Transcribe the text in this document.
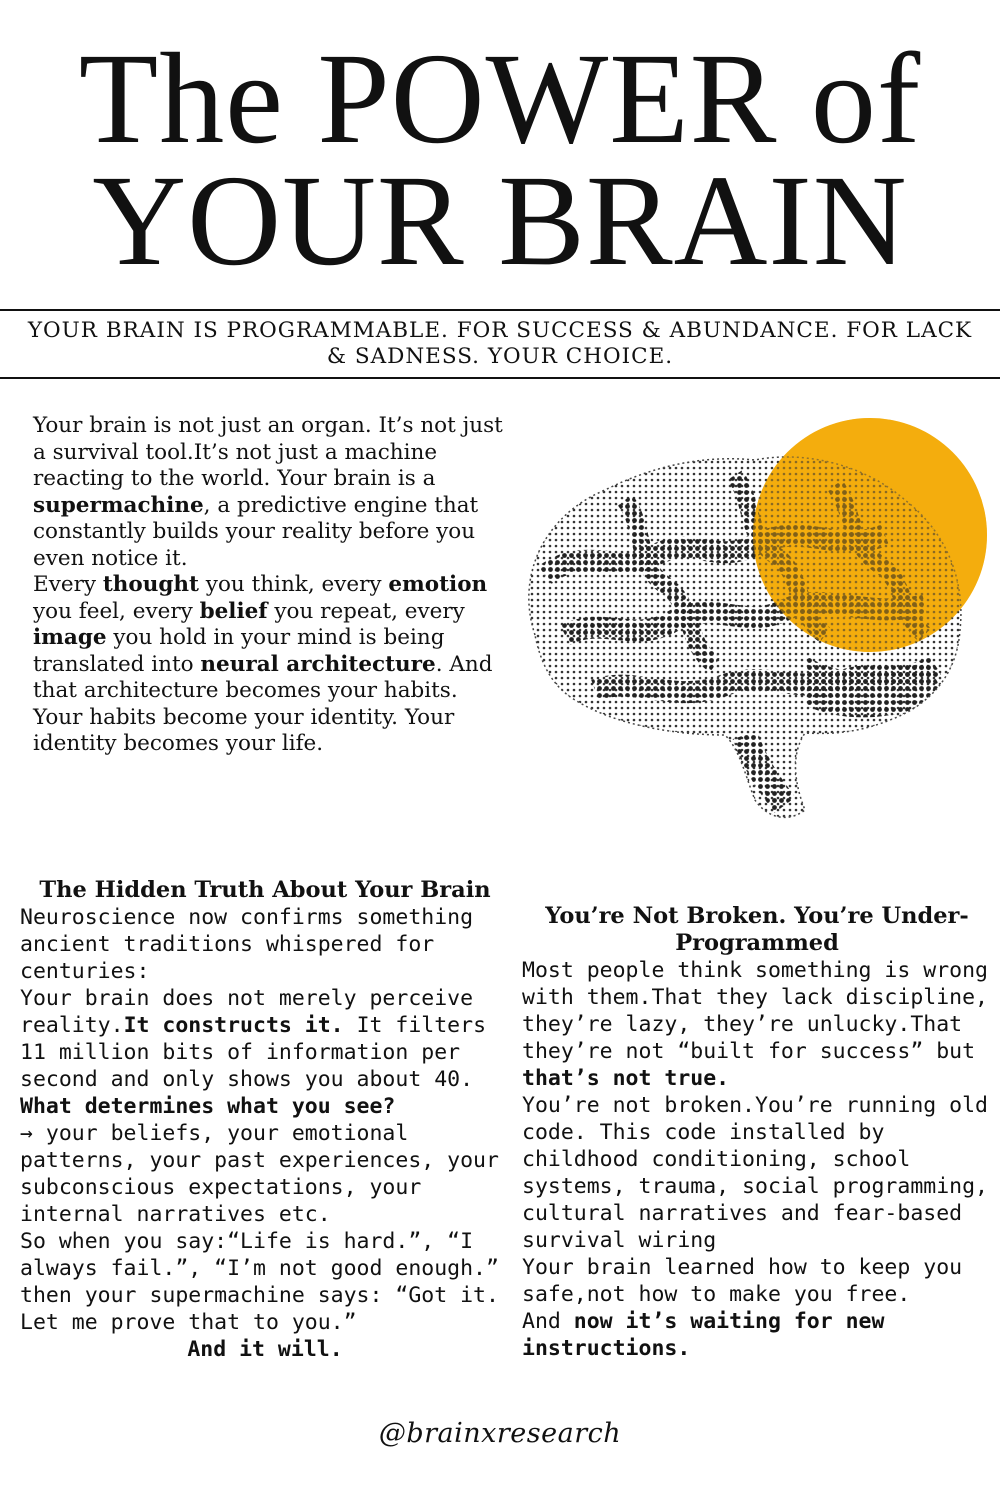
The POWER of
YOUR BRAIN
YOUR BRAIN IS PROGRAMMABLE. FOR SUCCESS & ABUNDANCE. FOR LACK & SADNESS. YOUR CHOICE.

Your brain is not just an organ. It’s not just a survival tool.It’s not just a machine reacting to the world. Your brain is a supermachine, a predictive engine that constantly builds your reality before you even notice it.

Every thought you think, every emotion you feel, every belief you repeat, every image you hold in your mind is being translated into neural architecture. And that architecture becomes your habits. Your habits become your identity. Your identity becomes your life.

The Hidden Truth About Your Brain

Neuroscience now confirms something ancient traditions whispered for centuries:

Your brain does not merely perceive reality.It constructs it. It filters 11 million bits of information per second and only shows you about 40.

What determines what you see?

→ your beliefs, your emotional patterns, your past experiences, your subconscious expectations, your internal narratives etc.

So when you say:“Life is hard.”, “I always fail.”, “I’m not good enough.” then your supermachine says: “Got it. Let me prove that to you.”

And it will.

You’re Not Broken. You’re Under-Programmed

Most people think something is wrong with them.That they lack discipline, they’re lazy, they’re unlucky.That they’re not “built for success” but that’s not true.

You’re not broken.You’re running old code. This code installed by childhood conditioning, school systems, trauma, social programming, cultural narratives and fear-based survival wiring

Your brain learned how to keep you safe,not how to make you free.

And now it’s waiting for new instructions.

@brainxresearch
